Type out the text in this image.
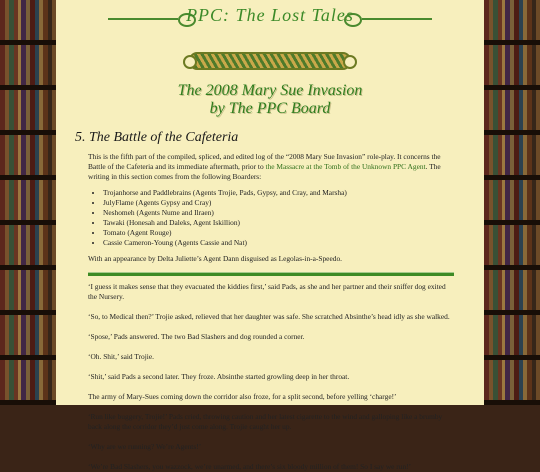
PPC: The Lost Tales
The 2008 Mary Sue Invasion
by The PPC Board
5. The Battle of the Cafeteria

This is the fifth part of the compiled, spliced, and edited log of the “2008 Mary Sue Invasion” role-play. It concerns the Battle of the Cafeteria and its immediate aftermath, prior to the Massacre at the Tomb of the Unknown PPC Agent. The writing in this section comes from the following Boarders:

• Trojanhorse and Paddlebrains (Agents Trojie, Pads, Gypsy, and Cray, and Marsha)
• JulyFlame (Agents Gypsy and Cray)
• Neshomeh (Agents Nume and Ilraen)
• Tawaki (Honesah and Daleks, Agent Iskillion)
• Tomato (Agent Rouge)
• Cassie Cameron-Young (Agents Cassie and Nat)

With an appearance by Delta Juliette’s Agent Dann disguised as Legolas-in-a-Speedo.

‘I guess it makes sense that they evacuated the kiddies first,’ said Pads, as she and her partner and their sniffer dog exited the Nursery.

‘So, to Medical then?’ Trojie asked, relieved that her daughter was safe. She scratched Absinthe’s head idly as she walked.

‘Spose,’ Pads answered. The two Bad Slashers and dog rounded a corner.

‘Oh. Shit,’ said Trojie.

‘Shit,’ said Pads a second later. They froze. Absinthe started growling deep in her throat.

The army of Mary-Sues coming down the corridor also froze, for a split second, before yelling ‘charge!’

‘Run like buggery, Trojie!’ Pads cried, throwing caution and her latest cigarette to the wind and galloping like a brumby back along the corridor they’d just come along. Trojie caught her up.

‘Why are we running? We’re Agents!’

‘We’re Bad Slashers, you wazzock, we’re unarmed, and there’s six bloody million of them! So I say we run!’
